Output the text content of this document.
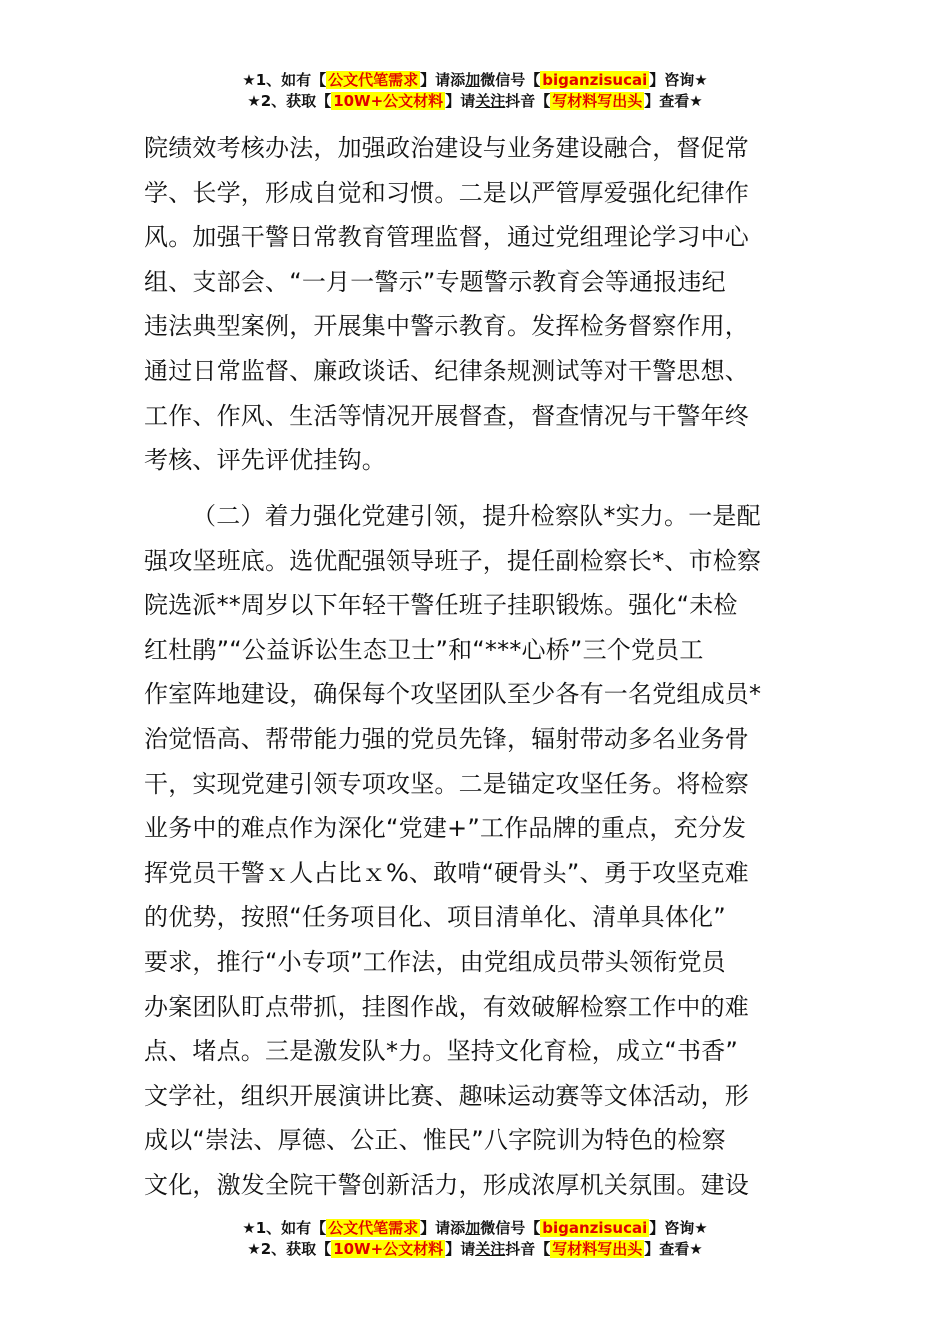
★1、如有【 公文代笔需求 】请添加微信号【 biganzisucai 】咨询★
★2、获取【 10W+公文材料 】请关注抖音【 写材料写出头 】查看★
院绩效考核办法，加强政治建设与业务建设融合，督促常
学、长学，形成自觉和习惯。二是以严管厚爱强化纪律作
风。加强干警日常教育管理监督，通过党组理论学习中心
组、支部会、“一月一警示”专题警示教育会等通报违纪
违法典型案例，开展集中警示教育。发挥检务督察作用，
通过日常监督、廉政谈话、纪律条规测试等对干警思想、
工作、作风、生活等情况开展督查，督查情况与干警年终
考核、评先评优挂钩。
（二）着力强化党建引领，提升检察队*实力。一是配
强攻坚班底。选优配强领导班子，提任副检察长*、市检察
院选派**周岁以下年轻干警任班子挂职锻炼。强化“未检
红杜鹃”“公益诉讼生态卫士”和“***心桥”三个党员工
作室阵地建设，确保每个攻坚团队至少各有一名党组成员*
治觉悟高、帮带能力强的党员先锋，辐射带动多名业务骨
干，实现党建引领专项攻坚。二是锚定攻坚任务。将检察
业务中的难点作为深化“党建+”工作品牌的重点，充分发
挥党员干警ｘ人占比ｘ%、敢啃“硬骨头”、勇于攻坚克难
的优势，按照“任务项目化、项目清单化、清单具体化”
要求，推行“小专项”工作法，由党组成员带头领衔党员
办案团队盯点带抓，挂图作战，有效破解检察工作中的难
点、堵点。三是激发队*力。坚持文化育检，成立“书香”
文学社，组织开展演讲比赛、趣味运动赛等文体活动，形
成以“崇法、厚德、公正、惟民”八字院训为特色的检察
文化，激发全院干警创新活力，形成浓厚机关氛围。建设
★1、如有【 公文代笔需求 】请添加微信号【 biganzisucai 】咨询★
★2、获取【 10W+公文材料 】请关注抖音【 写材料写出头 】查看★
